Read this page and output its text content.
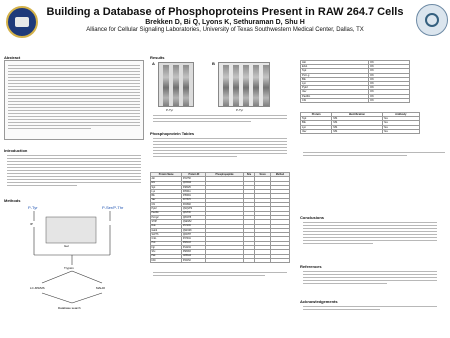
Building a Database of Phosphoproteins Present in RAW 264.7 Cells
Brekken D, Bi Q, Lyons K, Sethuraman D, Shu H
Alliance for Cellular Signaling Laboratories, University of Texas Southwestern Medical Center, Dallas, TX
Abstract
Introduction
Methods
P-Tyr	P-Ser/P-Thr
IP
Gel
Trypsin
LC-MS/MS	MALDI
Database search
Results
A	B
P-Tyr	P-Tyr
Phosphoprotein Tables
Protein Name	Protein ID	Phosphopeptide	Site	Score	Method
Akt	P31750				
Erk	Q63844				
Syk	P48025				
Lyn	P25911				
Btk	P35991				
Vav	P27870				
Cbl	P22682				
Pyk2	Q9QVP9				
Paxillin	Q8VI36				
PLCg2	Q8CIH5				
SHIP	Q9ES52				
Dok	P97465				
Gab2	Q9Z1S8				
SLP76	Q60787				
CrkL	P47941				
Hck	P08103				
Fgr	P14234				
Shc	P98083				
Pak	O88643				
FAK	P34152				
Akt	OK
Erk1	OK
Syk	OK
PLC-g	OK
Btk	OK
Lyn	OK
Pyk2	OK
Vav	OK
Paxillin	OK
Cbl	OK
Protein	Identification	Antibody
Syk	MS	Yes
Btk	MS	Yes
Lyn	MS	Yes
Vav	MS	Yes
Conclusions
References
Acknowledgements
